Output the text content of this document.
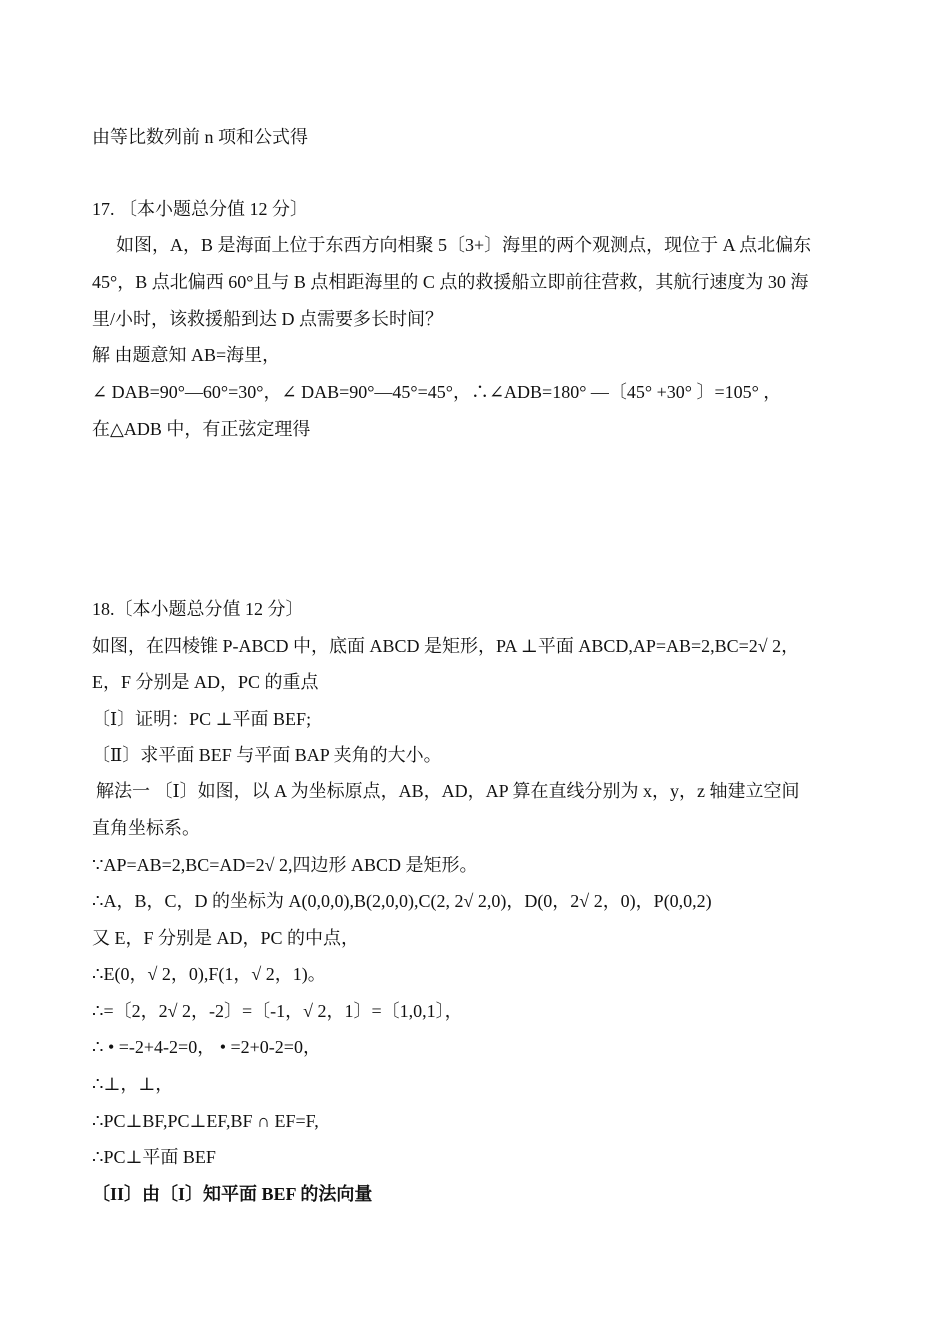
由等比数列前 n 项和公式得
17. 〔本小题总分值 12 分〕
如图，A，B 是海面上位于东西方向相聚 5〔3+〕海里的两个观测点，现位于 A 点北偏东
45°，B 点北偏西 60°且与 B 点相距海里的 C 点的救援船立即前往营救，其航行速度为 30 海
里/小时，该救援船到达 D 点需要多长时间？
解 由题意知 AB=海里，
∠ DAB=90°—60°=30°，∠ DAB=90°—45°=45°，∴∠ADB=180° —〔45° +30° 〕=105° ，
在△ADB 中，有正弦定理得
18.〔本小题总分值 12 分〕
如图，在四棱锥 P-ABCD 中，底面 ABCD 是矩形，PA ⊥平面 ABCD,AP=AB=2,BC=2√ 2，
E，F 分别是 AD，PC 的重点
〔Ⅰ〕证明：PC ⊥平面 BEF;
〔Ⅱ〕求平面 BEF 与平面 BAP 夹角的大小。
解法一 〔Ⅰ〕如图，以 A 为坐标原点，AB，AD，AP 算在直线分别为 x，y，z 轴建立空间
直角坐标系。
∵AP=AB=2,BC=AD=2√ 2,四边形 ABCD 是矩形。
∴A，B，C，D 的坐标为 A(0,0,0),B(2,0,0),C(2, 2√ 2,0)，D(0，2√ 2，0)，P(0,0,2)
又 E，F 分别是 AD，PC 的中点，
∴E(0，√ 2，0),F(1，√ 2，1)。
∴=〔2，2√ 2，-2〕=〔-1，√ 2，1〕=〔1,0,1〕，
∴ • =-2+4-2=0， • =2+0-2=0，
∴⊥，⊥，
∴PC⊥BF,PC⊥EF,BF ∩ EF=F,
∴PC⊥平面 BEF
〔II〕由〔I〕知平面 BEF 的法向量
